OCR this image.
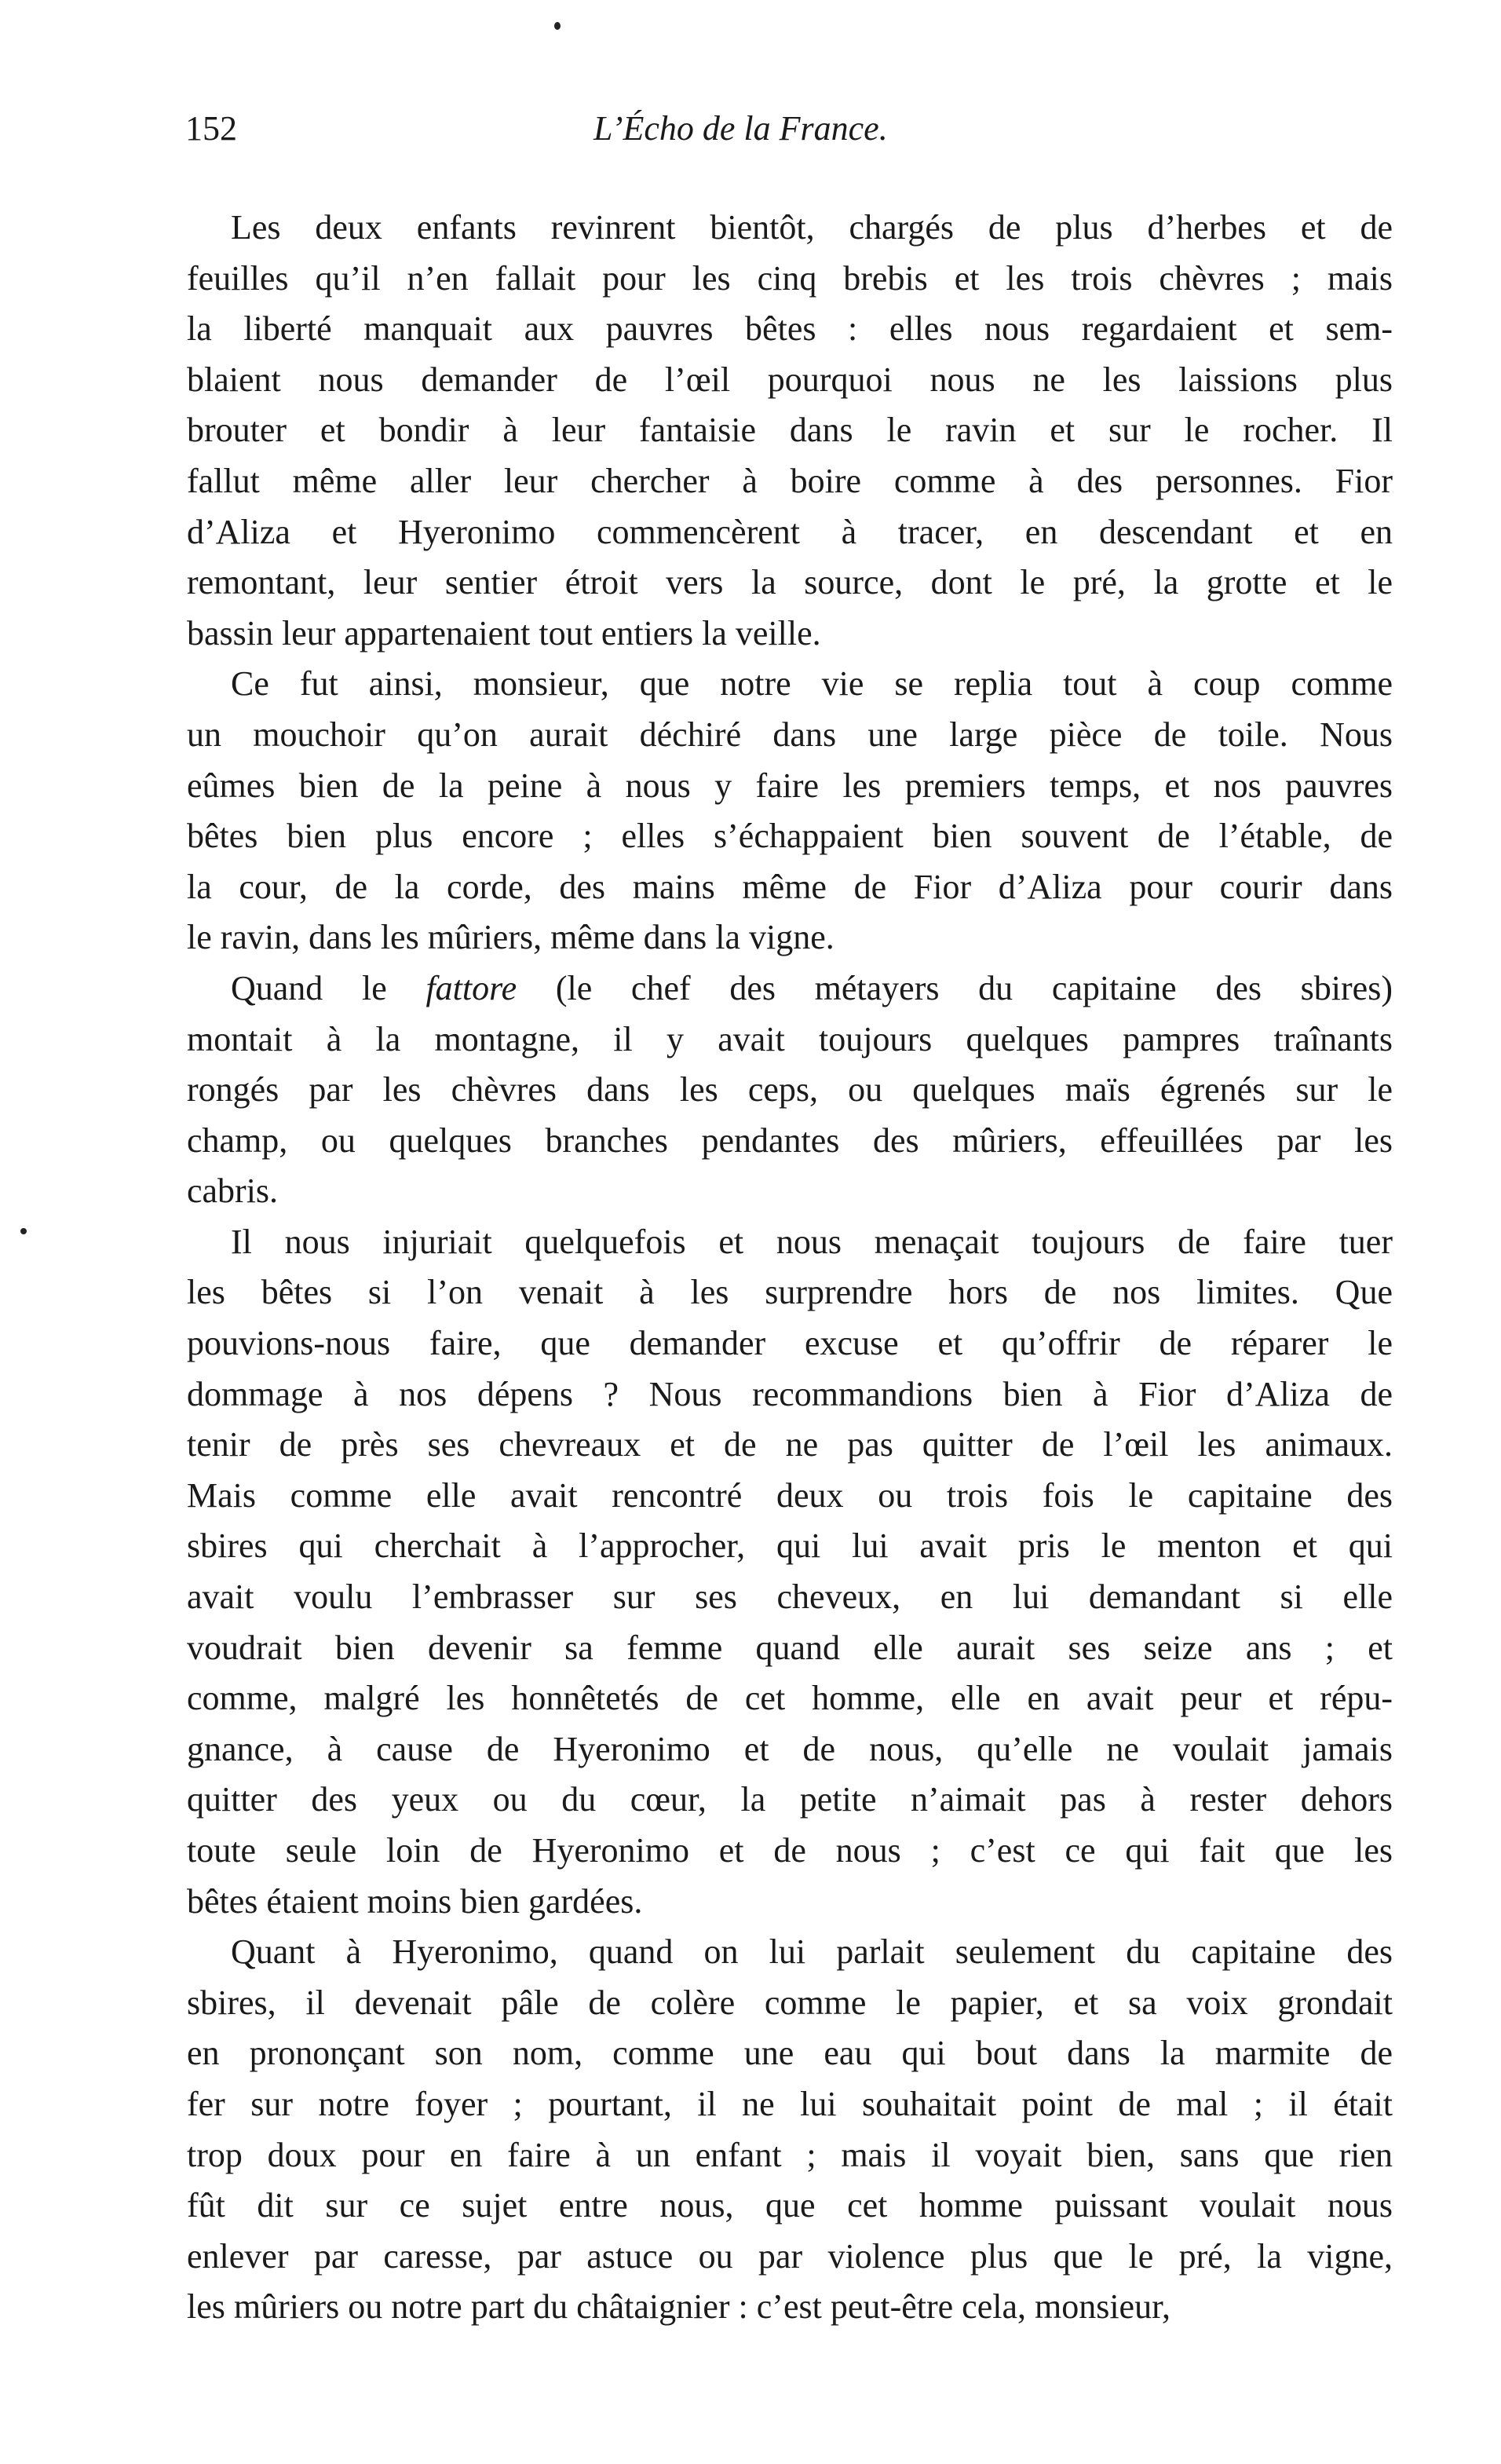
152	L’Écho de la France.
Les deux enfants revinrent bientôt, chargés de plus d’herbes et de
feuilles qu’il n’en fallait pour les cinq brebis et les trois chèvres ; mais
la liberté manquait aux pauvres bêtes : elles nous regardaient et sem-
blaient nous demander de l’œil pourquoi nous ne les laissions plus
brouter et bondir à leur fantaisie dans le ravin et sur le rocher. Il
fallut même aller leur chercher à boire comme à des personnes. Fior
d’Aliza et Hyeronimo commencèrent à tracer, en descendant et en
remontant, leur sentier étroit vers la source, dont le pré, la grotte et le
bassin leur appartenaient tout entiers la veille.
Ce fut ainsi, monsieur, que notre vie se replia tout à coup comme
un mouchoir qu’on aurait déchiré dans une large pièce de toile. Nous
eûmes bien de la peine à nous y faire les premiers temps, et nos pauvres
bêtes bien plus encore ; elles s’échappaient bien souvent de l’étable, de
la cour, de la corde, des mains même de Fior d’Aliza pour courir dans
le ravin, dans les mûriers, même dans la vigne.
Quand le fattore (le chef des métayers du capitaine des sbires)
montait à la montagne, il y avait toujours quelques pampres traînants
rongés par les chèvres dans les ceps, ou quelques maïs égrenés sur le
champ, ou quelques branches pendantes des mûriers, effeuillées par les
cabris.
Il nous injuriait quelquefois et nous menaçait toujours de faire tuer
les bêtes si l’on venait à les surprendre hors de nos limites. Que
pouvions-nous faire, que demander excuse et qu’offrir de réparer le
dommage à nos dépens ? Nous recommandions bien à Fior d’Aliza de
tenir de près ses chevreaux et de ne pas quitter de l’œil les animaux.
Mais comme elle avait rencontré deux ou trois fois le capitaine des
sbires qui cherchait à l’approcher, qui lui avait pris le menton et qui
avait voulu l’embrasser sur ses cheveux, en lui demandant si elle
voudrait bien devenir sa femme quand elle aurait ses seize ans ; et
comme, malgré les honnêtetés de cet homme, elle en avait peur et répu-
gnance, à cause de Hyeronimo et de nous, qu’elle ne voulait jamais
quitter des yeux ou du cœur, la petite n’aimait pas à rester dehors
toute seule loin de Hyeronimo et de nous ; c’est ce qui fait que les
bêtes étaient moins bien gardées.
Quant à Hyeronimo, quand on lui parlait seulement du capitaine des
sbires, il devenait pâle de colère comme le papier, et sa voix grondait
en prononçant son nom, comme une eau qui bout dans la marmite de
fer sur notre foyer ; pourtant, il ne lui souhaitait point de mal ; il était
trop doux pour en faire à un enfant ; mais il voyait bien, sans que rien
fût dit sur ce sujet entre nous, que cet homme puissant voulait nous
enlever par caresse, par astuce ou par violence plus que le pré, la vigne,
les mûriers ou notre part du châtaignier : c’est peut-être cela, monsieur,
